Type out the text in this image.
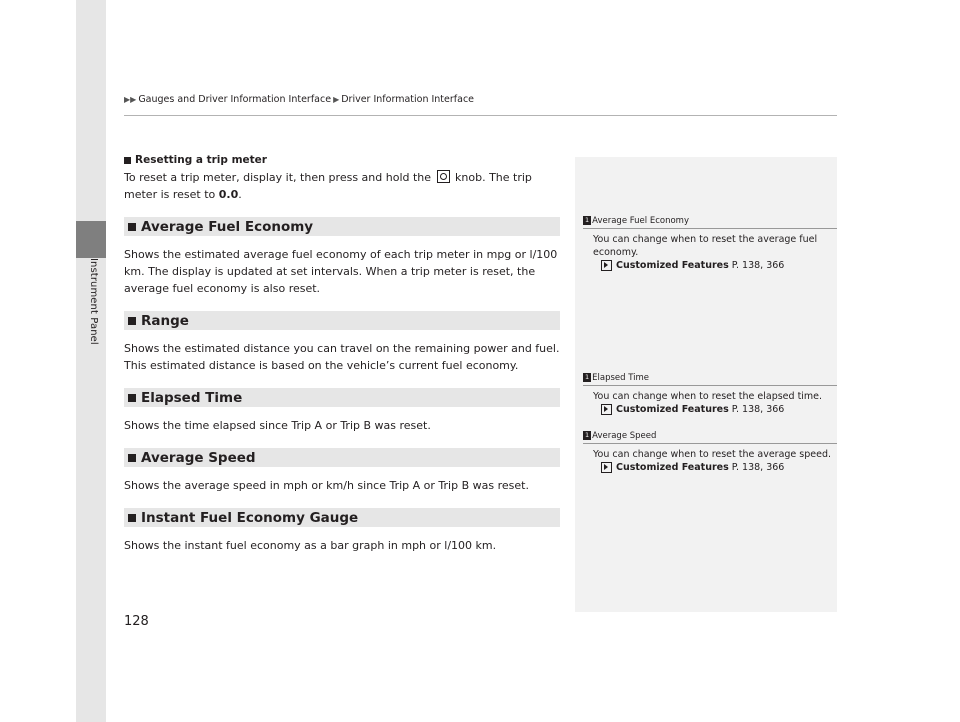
Instrument Panel
▶▶ Gauges and Driver Information Interface ▶ Driver Information Interface
Resetting a trip meter

To reset a trip meter, display it, then press and hold the knob. The trip meter is reset to 0.0.

Average Fuel Economy

Shows the estimated average fuel economy of each trip meter in mpg or l/100 km. The display is updated at set intervals. When a trip meter is reset, the average fuel economy is also reset.

Range

Shows the estimated distance you can travel on the remaining power and fuel. This estimated distance is based on the vehicle’s current fuel economy.

Elapsed Time

Shows the time elapsed since Trip A or Trip B was reset.

Average Speed

Shows the average speed in mph or km/h since Trip A or Trip B was reset.

Instant Fuel Economy Gauge

Shows the instant fuel economy as a bar graph in mph or l/100 km.

1 Average Fuel Economy
You can change when to reset the average fuel economy.
Customized Features P. 138, 366
1 Elapsed Time
You can change when to reset the elapsed time.
Customized Features P. 138, 366
1 Average Speed
You can change when to reset the average speed.
Customized Features P. 138, 366
128
